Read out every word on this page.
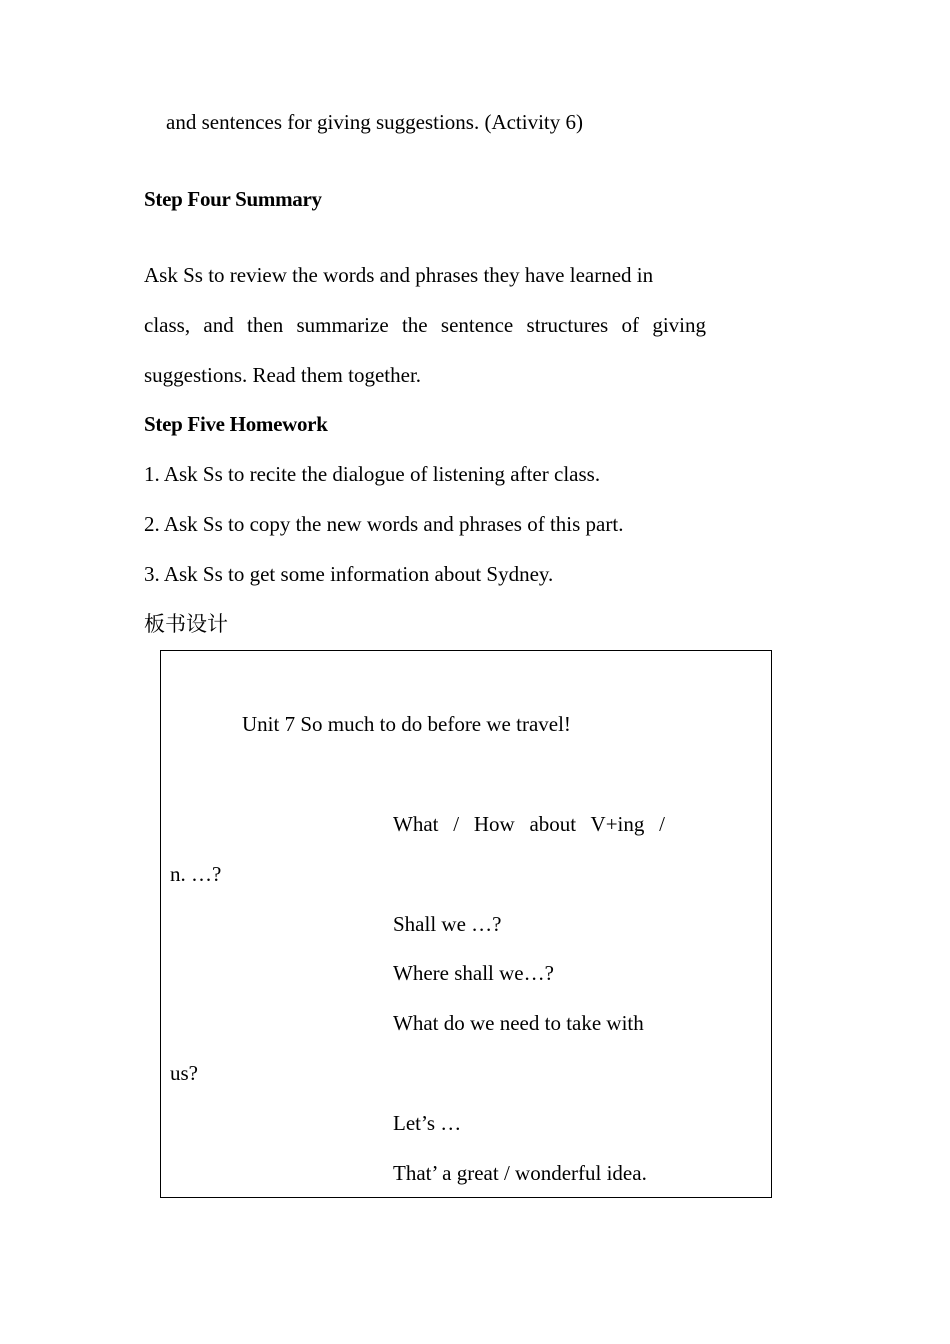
and sentences for giving suggestions. (Activity 6)
Step Four Summary
Ask Ss to review the words and phrases they have learned in
class, and then summarize the sentence structures of giving
suggestions. Read them together.
Step Five Homework
1. Ask Ss to recite the dialogue of listening after class.
2. Ask Ss to copy the new words and phrases of this part.
3. Ask Ss to get some information about Sydney.
板书设计
Unit 7 So much to do before we travel!
What / How about V+ing /
n. …?
Shall we …?
Where shall we…?
What do we need to take with
us?
Let’s …
That’ a great / wonderful idea.
